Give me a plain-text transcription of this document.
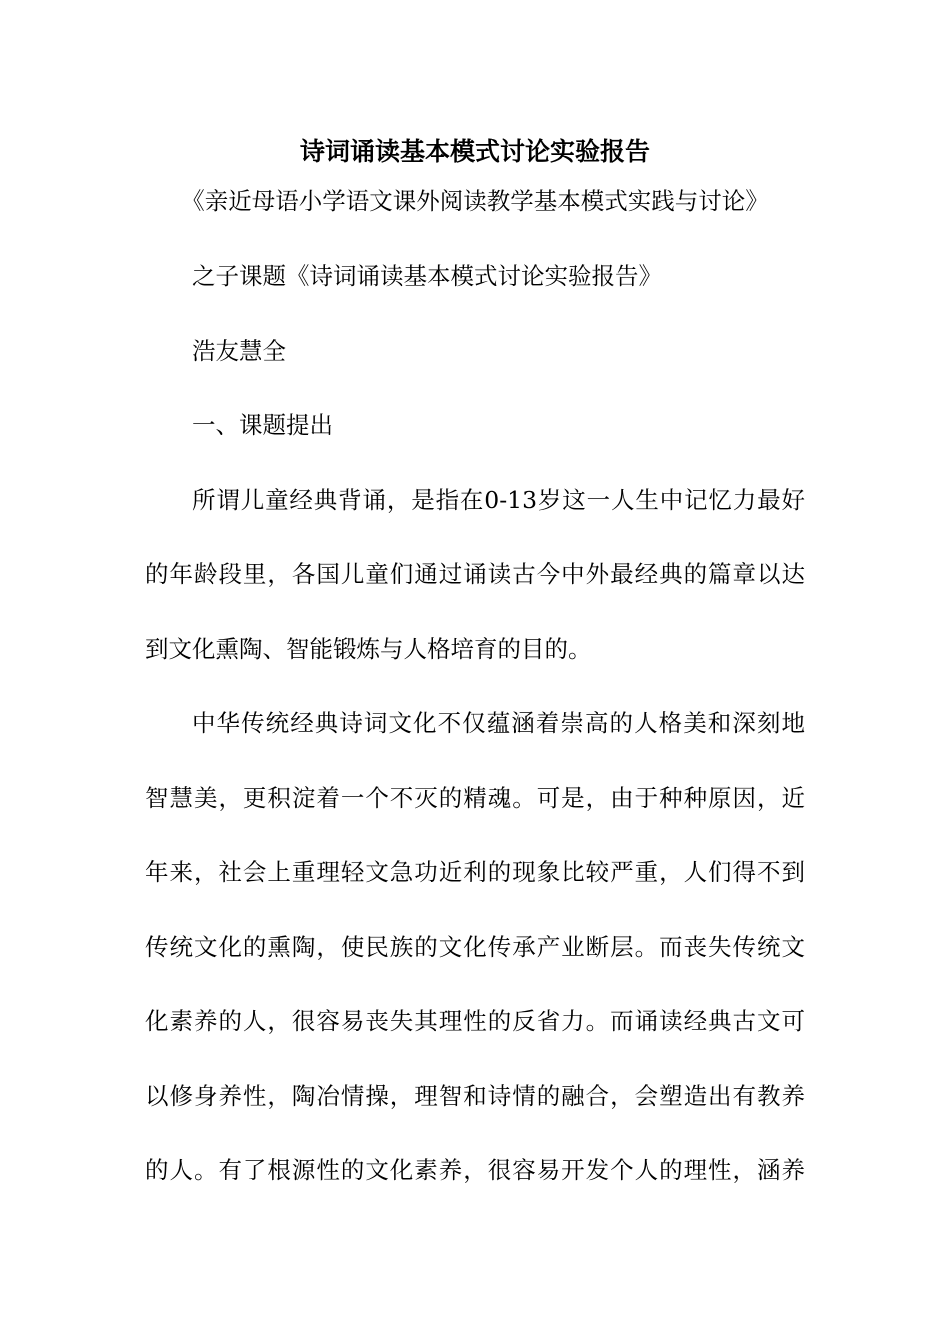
诗词诵读基本模式讨论实验报告
《亲近母语小学语文课外阅读教学基本模式实践与讨论》
之子课题《诗词诵读基本模式讨论实验报告》
浩友慧全
一、课题提出
所谓儿童经典背诵，是指在0-13岁这一人生中记忆力最好
的年龄段里，各国儿童们通过诵读古今中外最经典的篇章以达
到文化熏陶、智能锻炼与人格培育的目的。
中华传统经典诗词文化不仅蕴涵着崇高的人格美和深刻地
智慧美，更积淀着一个不灭的精魂。可是，由于种种原因，近
年来，社会上重理轻文急功近利的现象比较严重，人们得不到
传统文化的熏陶，使民族的文化传承产业断层。而丧失传统文
化素养的人，很容易丧失其理性的反省力。而诵读经典古文可
以修身养性，陶冶情操，理智和诗情的融合，会塑造出有教养
的人。有了根源性的文化素养，很容易开发个人的理性，涵养
